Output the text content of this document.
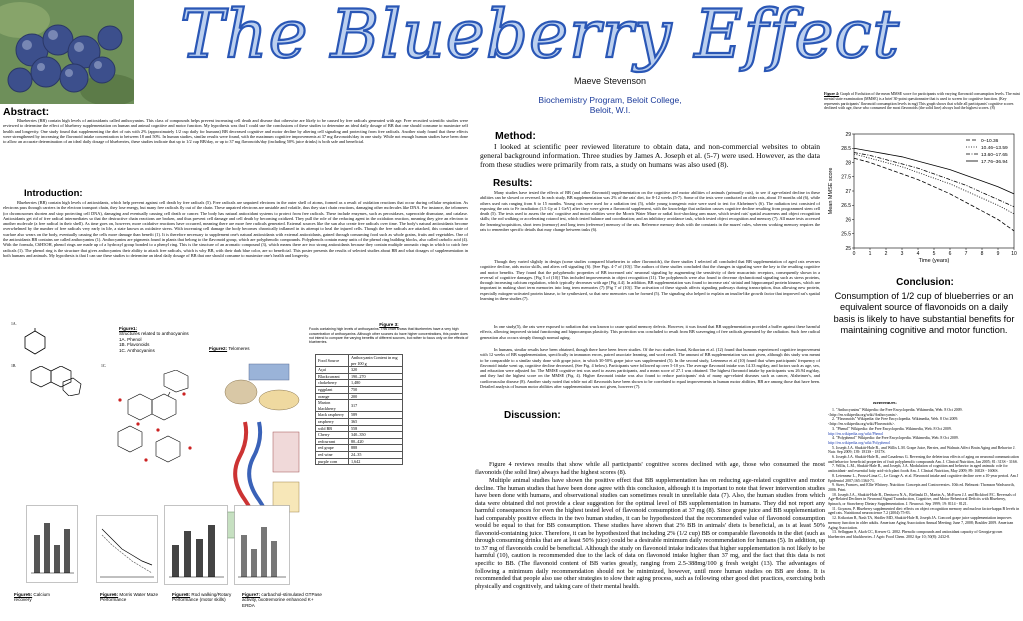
The Blueberry Effect
Maeve Stevenson
Biochemistry Program, Beloit College,
Beloit, W.I.
Abstract:
Blueberries (BB) contain high levels of antioxidants called anthocyanins. This class of compounds helps prevent increasing cell death and disease that otherwise are likely to be caused by free radicals generated with age. Free recruited scientific studies were reviewed to determine the effect of blueberry supplementation on human and animal cognitive and motor function. My hypothesis was that I could use the conclusions of these studies to determine an ideal daily dosage of BB that one should consume to maximize self health and longevity. One study found that supplementing the diet of rats with 2% (approximately 1/2 cup daily for humans) BB decreased cognitive and motor decline by altering cell signaling and protecting from free radicals. Another study found that these effects were strengthened by increasing the flavonoid intake concentration to between 18 and 50%. In human studies, similar results were found, with the maximum cognitive improvements at 37 mg flavonoids/day in one study. While not enough human studies have been done to allow an accurate determination of an ideal daily dosage of blueberries, these studies indicate that up to 1/2 cup BB/day, or up to 37 mg flavonoids/day (including 50% juice drinks) is both safe and beneficial.
Introduction:
Blueberries (BB) contain high levels of antioxidants, which help prevent against cell death by free radicals (5). Free radicals are unpaired electrons in the outer shell of atoms, formed as a result of oxidation reactions that occur during cellular respiration. As electrons pass through carriers in the electron transport chain, they lose energy, but many free radicals fly out of the chain. These unpaired electrons are unstable and volatile, thus they start chain reactions, damaging other molecules like DNA. For instance, the telomeres (or chromosomes shorten and stop protecting cell DNA), damaging and eventually causing cell death or cancer. The body has natural antioxidant systems to protect from free radicals. These include enzymes, such as peroxidases, superoxide dismutase, and catalase. Antioxidants get rid of free radical intermediates so that the destructive chain reactions are broken, and thus prevent cell damage and cell death by becoming oxidized. They pull the role of the reducing agent in the oxidation reaction, meaning they give an electron to another molecule (a free radical in their shell). As time goes on, however, more oxidative reactions have occurred, meaning there are more free radicals generated. External sources like the sun also create free radicals over time. The body's natural antioxidants become overwhelmed by the number of free radicals very early in life, a state known as oxidative stress. With increasing cell damage the body becomes chronically inflamed in its attempt to heal the injured cells. Though the free radicals are attacked, this constant state of warfare also wears on the body, eventually causing the cells more damage than benefit (1). It is therefore necessary to supplement one's natural antioxidants with external antioxidants, gained through consuming food such as whole grains, fruits and vegetables. One of the antioxidants BB contains are called anthocyanins (1). Anthocyanins are pigments found in plants that belong to the flavonoid group, which are polyphenolic compounds. Polyphenols contain many units of the phenol ring building blocks, also called carbolic acid (4). With the formula, C6H5OH, phenol rings are made up of a hydroxyl group bonded to a phenyl ring. This is the structure of an aromatic compound (3), which means there are two strong antioxidants because they contain multiple aromatic rings in which to catch free radicals (1). The phenol ring is the structure that gives anthocyanins their ability to attack free radicals, which is why BB, with their dark blue color, are so beneficial. This poster presents the results of selected studies about BB and what dosages of supplementation in both humans and animals. My hypothesis is that I can use these studies to determine an ideal daily dosage of BB that one should consume to maximize one's health and longevity.
1A.
1B.	1C.
Figure1:
Structures related to anthocyanins
1A. Phenol
1B. Flavonoids
1C. Anthocyanins	Figure2: Telomeres
Figure 3:
Foods containing high levels of anthocyanins. This chart shows that blueberries have a very high concentration of anthocyanins. Although other sources do have higher concentrations, this poster does not intend to compare the varying benefits of different sources, but rather to focus only on the effects of blueberries.
Food Source	Anthocyanin Content in mg per 100 g
Açaí	320
Blackcurrant	190–270
chokeberry	1,480
eggplant	750
orange	200
Marion blackberry	317
black raspberry	589
raspberry	365
wild BB	558
Cherry	340–350
redcurrant	80–420
red grape	888
red wine	24–35
purple corn	1,642
Figure5: Calcium recovery
Figure6: Morris Water Maze Performance
Figure8: Rod walking/Rotary Performance (motor skills)
Figure7: carbachol-stimulated GTPase activity, oxotremorine enhanced K+ ERDA
Method:
I looked at scientific peer reviewed literature to obtain data, and non-commercial websites to obtain general background information. Three studies by James A. Joseph et al. (5-7) were used. However, as the data from these studies were primarily from rats, a study on humans was also used (8).
Results:
Many studies have tested the effects of BB (and other flavonoid) supplementation on the cognitive and motor abilities of animals (primarily rats), to see if age-related decline in these abilities can be slowed or reversed. In each study, BB supplementation was 2% of the rats' diet, for 8-12 weeks (5-7). Some of the tests were conducted on older rats, about 19 months old (6), while others used rats ranging from 6 to 15 months. Young rats were used for a radiation test (5), while young transgenic mice were used to test for Alzheimer's (6). The radiation test consisted of exposing the rats to Fe irradiation (1.5 Gy at 1 GeV) after they were given a flavonoid supplement, with the knowledge that radiation causes cognitive decline resulting from programmed stem cell death (5). The tests used to assess the rats' cognitive and motor abilities were the Morris Water Maze or radial foot-shocking arm maze, which tested rats' spatial awareness and object recognition skills; the rod walking or accelerating rotarod test, which tested balance and coordination; and an inhibitory avoidance task, which tested object recognition and memory (7). All maze tests accessed the learning/acquisition, short term (memory) and long term (reference) memory of the rats. Reference memory deals with the constants in the mazes' rules, whereas working memory requires the rats to remember specific details that may change between tasks (6).
Though they varied slightly in design (some studies compared blueberries to other flavonoids), the three studies I selected all concluded that BB supplementation of aged rats reverses cognitive decline, aids motor skills, and alters cell signaling (6). [See Figs. 4-7 of (10)]. The authors of these studies concluded that the changes in signaling were the key to the resulting cognitive and motor benefits. They found that the polyphenolic properties of BB increased rats' neuronal signaling by augmenting the sensitivity of their muscarinic receptors, consequently shown in a reversal of cognitive damages. [Fig 5 of (10)] This included improvements in object recognition (11). The polyphenols were also found to decrease dysfunctional signaling such as stress proteins, through increasing calcium regulation, which typically decreases with age [Fig 4.4]. In addition, BB supplementation was found to increase rats' striatal and hippocampal protein kinases, which are important in making short term memories into long term memories (7) [Fig 7 of (10)]. The activation of these signals affects signaling pathways during transcription, thus allowing new protein, especially mitogen-activated protein kinase, to be synthesized, so that new memories can be formed (5). The signaling also helped to explain an insulin-like growth factor that improved rat's spatial learning in these studies (7).
In one study(5), the rats were exposed to radiation that was known to cause spatial memory defects. However, it was found that BB supplementation provided a buffer against these harmful effects, allowing improved striatal functioning and hippocampus plasticity. This protection was concluded to result from BB scavenging of free radicals generated by the radiation. Such free radical generation also occurs simply through normal aging.
In humans, similar results have been obtained, though there have been fewer studies. Of the two studies found, Krikorian et al. (12) found that humans experienced cognitive improvement with 12 weeks of BB supplementation, specifically in immunon errors, paired associate learning, and word recall. The amount of BB supplementation was not given, although this study was meant to be comparable to a similar study done with grape juice, in which 30-50% grape juice was supplemented (5). In the second study, Letenneur et al (10) found that when participants' frequency of flavonoid intake went up, cognitive decline decreased, (See Fig. 4 below). Participants were followed up over 5-10 yrs. The average flavonoid intake was 14.33 mg/day, and factors such as age, sex, and education were adjusted for. The MMSE cognitive test was used to assess participants, and a mean score of 27.1 was obtained. The highest flavonoid intake by participants was 26.94 mg/day, and they had the highest score on the MMSE (Fig. 4). Higher flavonoid intake was also found to reduce participants' risk of many age-related diseases such as cancer, Alzheimer's, and cardiovascular disease (8). Another study noted that while not all flavonoids have been shown to be correlated to equal improvements in human motor abilities, BB are among those that have been. Detailed analysis of human motor abilities after supplementation was not given, however (7).
Discussion:
Figure 4 reviews results that show while all participants' cognitive scores declined with age, those who consumed the most flavonoids (the solid line) always had the highest scores (8).
Multiple animal studies have shown the positive effect that BB supplementation has on reducing age-related cognitive and motor decline. The human studies that have been done agree with this conclusion, although it is important to note that fewer intervention studies have been done with humans, and observational studies can sometimes result in unreliable data (7). Also, the human studies from which data were obtained did not provide a clear suggestion for the optimal level of BB supplementation in humans. They did not report any harmful consequences for even the highest tested level of flavonoid consumption at 37 mg (8). Since grape juice and BB supplementation had comparably positive effects in the two human studies, it can be hypothesized that the recommended value of flavonoid consumption would be equal to that for BB consumption. These studies have shown that 2% BB in animals' diets is beneficial, as is at least 50% flavonoid-containing juice. Therefore, it can be hypothesized that including 2% (1/2 cup) BB or comparable flavonoids in the diet (such as through consuming drinks that are at least 50% juice) could be a desirable minimum daily recommendation for humans (5). In addition, up to 37 mg of flavonoids could be beneficial. Although the study on flavonoid intake indicates that higher supplementation is not likely to be harmful (10), caution is recommended due to the lack of data on flavonoid intake higher than 37 mg, and the fact that this data is not specific to BB. (The flavonoid content of BB varies greatly, ranging from 2.5-388mg/100 g fresh weight (13). The advantages of following a minimum daily recommendation should not be minimized, however, until more human studies on BB are done. It is recommended that people also use other strategies to slow their aging process, such as following other good diet practices, exercising both physically and cognitively, and taking care of their mental health.
Figure 4: Graph of Evolution of the mean MMSE score for participants with varying flavonoid consumption levels. The mini mental state examination (MMSE) is a brief 30-point questionnaire that is used to screen for cognitive function. (Key represents participants' flavonoid consumption levels in mg) This graph shows that while all participants' cognitive scores declined with age, those who consumed the most flavonoids (the solid line) always had the highest scores. (8)
25
25.5
26
26.5
27
27.5
28
28.5
29
0	1	2	3	4	5	6	7	8	9 10
Time (years)
Mean MMSE score
0–10.36
10.46–13.59
13.60–17.65
17.76–36.94
Conclusion:
Consumption of 1/2 cup of blueberries or an equivalent source of flavonoids on a daily basis is likely to have substantial benefits for maintaining cognitive and motor function.
References:
1. "Anthocyanins" Wikipedia: the Free Encyclopedia. Wikimedia, Web. 8 Oct 2009. <http://en.wikipedia.org/wiki/Anthocyanin>.
2. "Flavonoids" Wikipedia: the Free Encyclopedia. Wikimedia, Web. 8 Oct 2009. <http://en.wikipedia.org/wiki/Flavonoids>.
3. "Phenol" Wikipedia: the Free Encyclopedia. Wikimedia, Web. 8 Oct 2009.
http://en.wikipedia.org/wiki/Phenol
4. "Polyphenol" Wikipedia: the Free Encyclopedia. Wikimedia, Web. 8 Oct 2009.
http://en.wikipedia.org/wiki/Polyphenol
5. Joseph J.A. Shukitt-Hale B., and Willis L.M. Grape Juice, Berries, and Walnuts Affect Brain Aging and Behavior J. Nutr. Sep 2009; 139: 1813S - 1817S.
6. Joseph J.A. Shukitt-Hale B., and Casadesus G. Reversing the deleterious effects of aging on neuronal communication and behavior: beneficial properties of fruit polyphenolic compounds Am. J. Clinical Nutrition, Jan 2005; 81: 313S - 316S.
7. Willis, L.M., Shukitt-Hale B., and Joseph, J.A. Modulation of cognition and behavior in aged animals: role for antioxidant- and essential fatty acid-rich plant foods Am. J. Clinical Nutrition, May 2009; 89: 1602S - 1606S.
8. Letenneur L., Proust-Lima C., Le Gouge A. et al. Flavonoid intake and cognitive decline over a 10-year period. Am J Epidemiol 2007;165:1364-71.
9. Sizer, Frances, and Ellie Whitney. Nutrition: Concepts and Controversies. 10th ed. Belmont: Thomson Wadsworth, 2006. Print.
10. Joseph J.A., Shukitt-Hale B., Denisova N.A., Bielinski D., Martin A., McEwen J.J. and Bickford P.C. Reversals of Age-Related Declines in Neuronal Signal Transduction, Cognitive, and Motor Behavioral Deficits with Blueberry, Spinach, or Strawberry Dietary Supplementation. J. Neurosci. Sep 1999; 19: 8114 - 8121.
11. Goyarzu, P. Blueberry supplemented diet: effects on object recognition memory and nuclear factor-kappa B levels in aged rats. Nutritional neuroscience 7.2 (2004):75-83.
12. Krikorian R, Nash TA, Shidler MD, Shukitt-Hale B, Joseph JA. Concord grape juice supplementation improves memory function in older adults. American Aging Association Annual Meeting; June 7, 2008; Boulder 2009. American Aging Association.
13. Sellappan S, Akoh CC, Krewer G. 2002. Phenolic compounds and antioxidant capacity of Georgia-grown blueberries and blackberries. J Agric Food Chem. 2002 Apr 10; 50(8): 2432-8.
